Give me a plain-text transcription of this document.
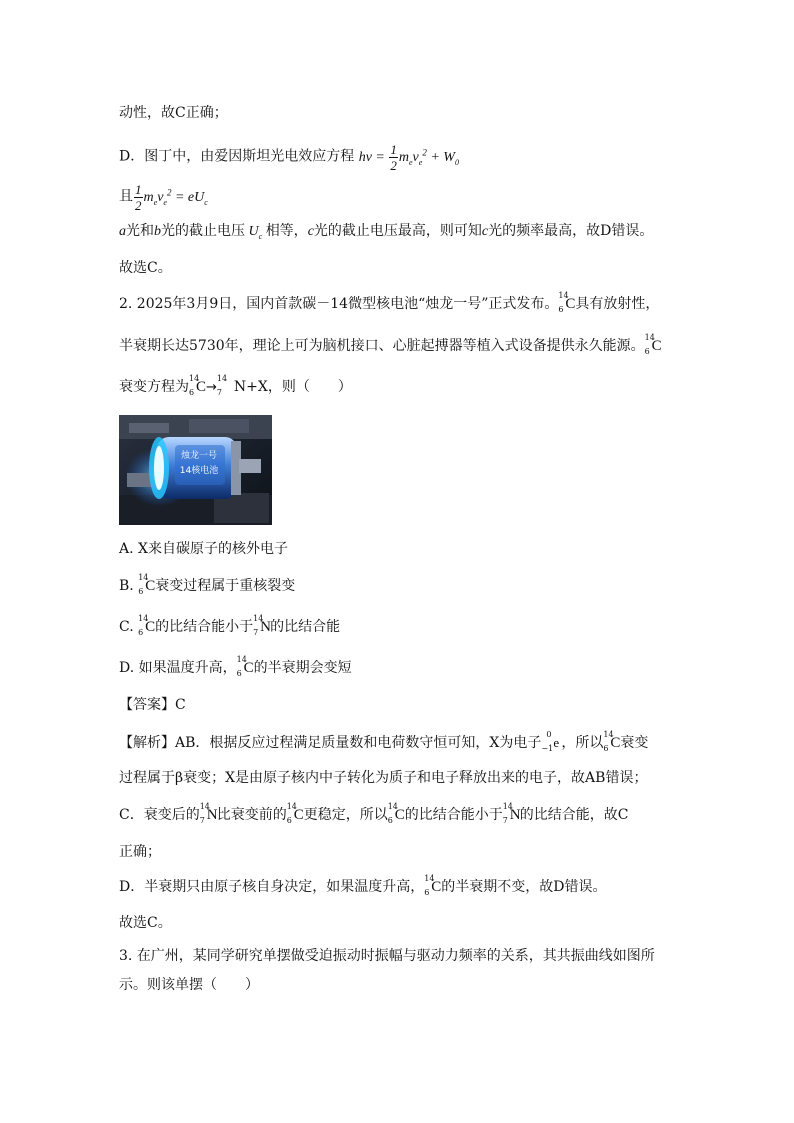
动性，故C正确；
D．图丁中，由爱因斯坦光电效应方程 $h\nu = \frac{1}{2} m_ev_e^2 + W_0$
且 $\frac{1}{2} m_ev_e^2 = eU_c$
a光和b光的截止电压 $U_c$ 相等，c光的截止电压最高，则可知c光的频率最高，故D错误。
故选C。
2. 2025年3月9日，国内首款碳－14微型核电池“烛龙一号”正式发布。
14
6 C 具有放射性，
半衰期长达5730年，理论上可为脑机接口、心脏起搏器等植入式设备提供永久能源。
14
6 C
衰变方程为
14
6 C →
14
7 N+X，则（　　）
烛龙一号
14核电池
A. X来自碳原子的核外电子
B.
14
6 C 衰变过程属于重核裂变
C.
14
6 C 的比结合能小于
14
7 N 的比结合能
D. 如果温度升高，
14
6 C 的半衰期会变短
【答案】C
【解析】AB．根据反应过程满足质量数和电荷数守恒可知，X为电子
0
−1 e ，所以
14
6 C 衰变
过程属于β衰变；X是由原子核内中子转化为质子和电子释放出来的电子，故AB错误；
C．衰变后的
14
7 N 比衰变前的
14
6 C 更稳定，所以
14
6 C 的比结合能小于
14
7 N 的比结合能，故C
正确；
D．半衰期只由原子核自身决定，如果温度升高，
14
6 C 的半衰期不变，故D错误。
故选C。
3. 在广州，某同学研究单摆做受迫振动时振幅与驱动力频率的关系，其共振曲线如图所
示。则该单摆（　　）
